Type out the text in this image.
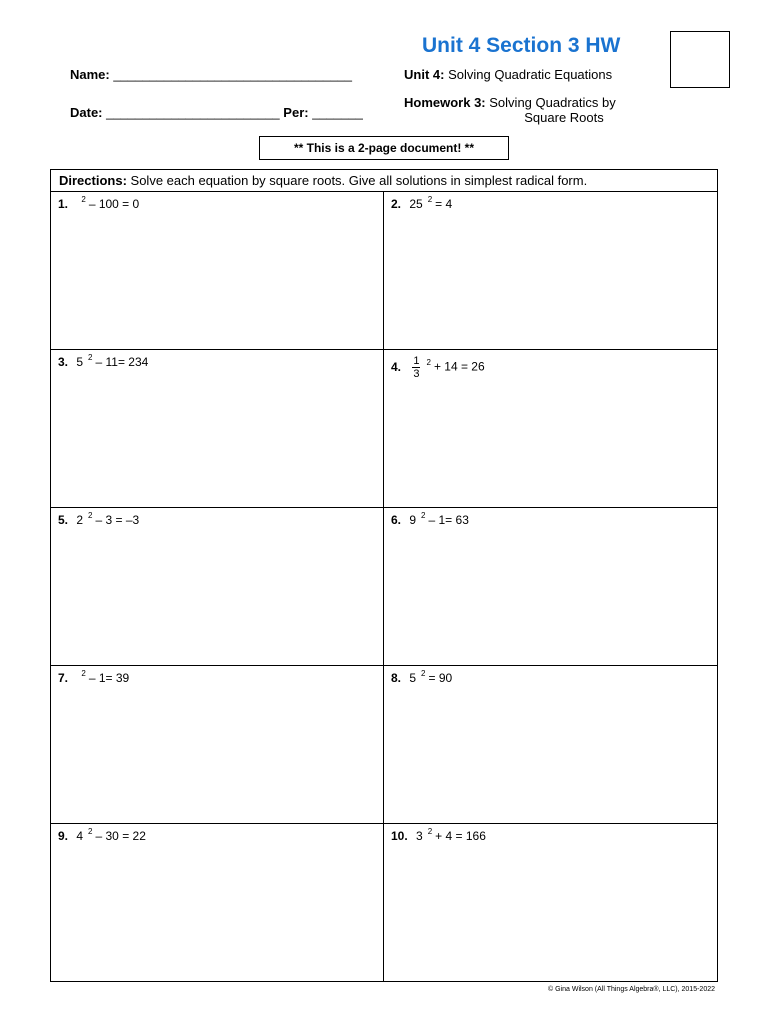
Unit 4 Section 3 HW
Name: _________________________________
Date: ________________________ Per: _______
Unit 4: Solving Quadratic Equations
Homework 3: Solving Quadratics by
Square Roots
** This is a 2-page document! **
Directions: Solve each equation by square roots. Give all solutions in simplest radical form.
1. $^2$ – 100 = 0	2. 25 $^2$ = 4
3. 5 $^2$ – 11= 234	4. $\frac{1}{3} ^2 + 14 = 26$
5. 2 $^2$ – 3 = –3	6. 9 $^2$ – 1= 63
7. $^2$ – 1= 39	8. 5 $^2$ = 90
9. 4 $^2$ – 30 = 22	10. 3 $^2$ + 4 = 166
© Gina Wilson (All Things Algebra®, LLC), 2015-2022
